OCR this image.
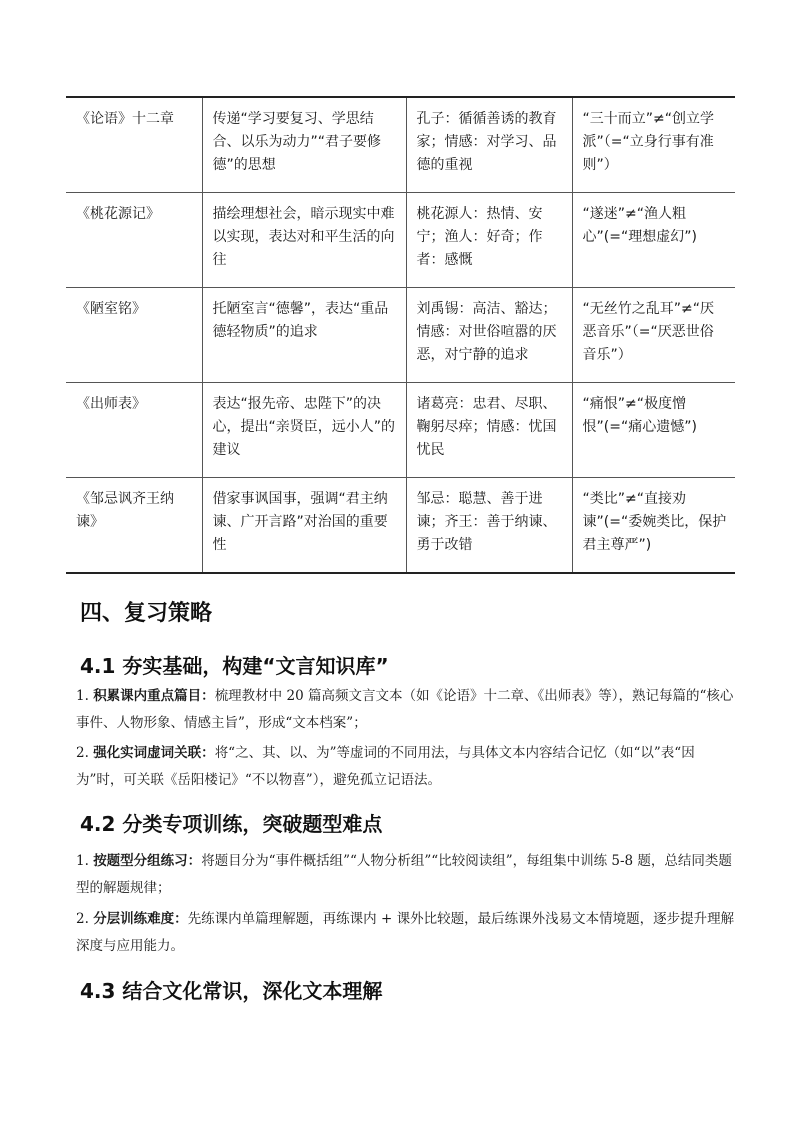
《论语》十二章	传递“学习要复习、学思结合、以乐为动力”“君子要修德”的思想	孔子：循循善诱的教育家；情感：对学习、品德的重视	“三十而立”≠“创立学派”（=“立身行事有准则”）
《桃花源记》	描绘理想社会，暗示现实中难以实现，表达对和平生活的向往	桃花源人：热情、安宁；渔人：好奇；作者：感慨	“遂迷”≠“渔人粗心”(=“理想虚幻”)
《陋室铭》	托陋室言“德馨”，表达“重品德轻物质”的追求	刘禹锡：高洁、豁达；情感：对世俗喧嚣的厌恶，对宁静的追求	“无丝竹之乱耳”≠“厌恶音乐”（=“厌恶世俗音乐”）
《出师表》	表达“报先帝、忠陛下”的决心，提出“亲贤臣，远小人”的建议	诸葛亮：忠君、尽职、鞠躬尽瘁；情感：忧国忧民	“痛恨”≠“极度憎恨”(=“痛心遗憾”)
《邹忌讽齐王纳谏》	借家事讽国事，强调“君主纳谏、广开言路”对治国的重要性	邹忌：聪慧、善于进谏；齐王：善于纳谏、勇于改错	“类比”≠“直接劝谏”(=“委婉类比，保护君主尊严”)
四、复习策略
4.1 夯实基础，构建“文言知识库”
1. 积累课内重点篇目：梳理教材中 20 篇高频文言文本（如《论语》十二章、《出师表》等），熟记每篇的“核心事件、人物形象、情感主旨”，形成“文本档案”；
2. 强化实词虚词关联：将“之、其、以、为”等虚词的不同用法，与具体文本内容结合记忆（如“以”表“因为”时，可关联《岳阳楼记》“不以物喜”），避免孤立记语法。
4.2 分类专项训练，突破题型难点
1. 按题型分组练习：将题目分为“事件概括组”“人物分析组”“比较阅读组”，每组集中训练 5-8 题，总结同类题型的解题规律；
2. 分层训练难度：先练课内单篇理解题，再练课内 + 课外比较题，最后练课外浅易文本情境题，逐步提升理解深度与应用能力。
4.3 结合文化常识，深化文本理解
